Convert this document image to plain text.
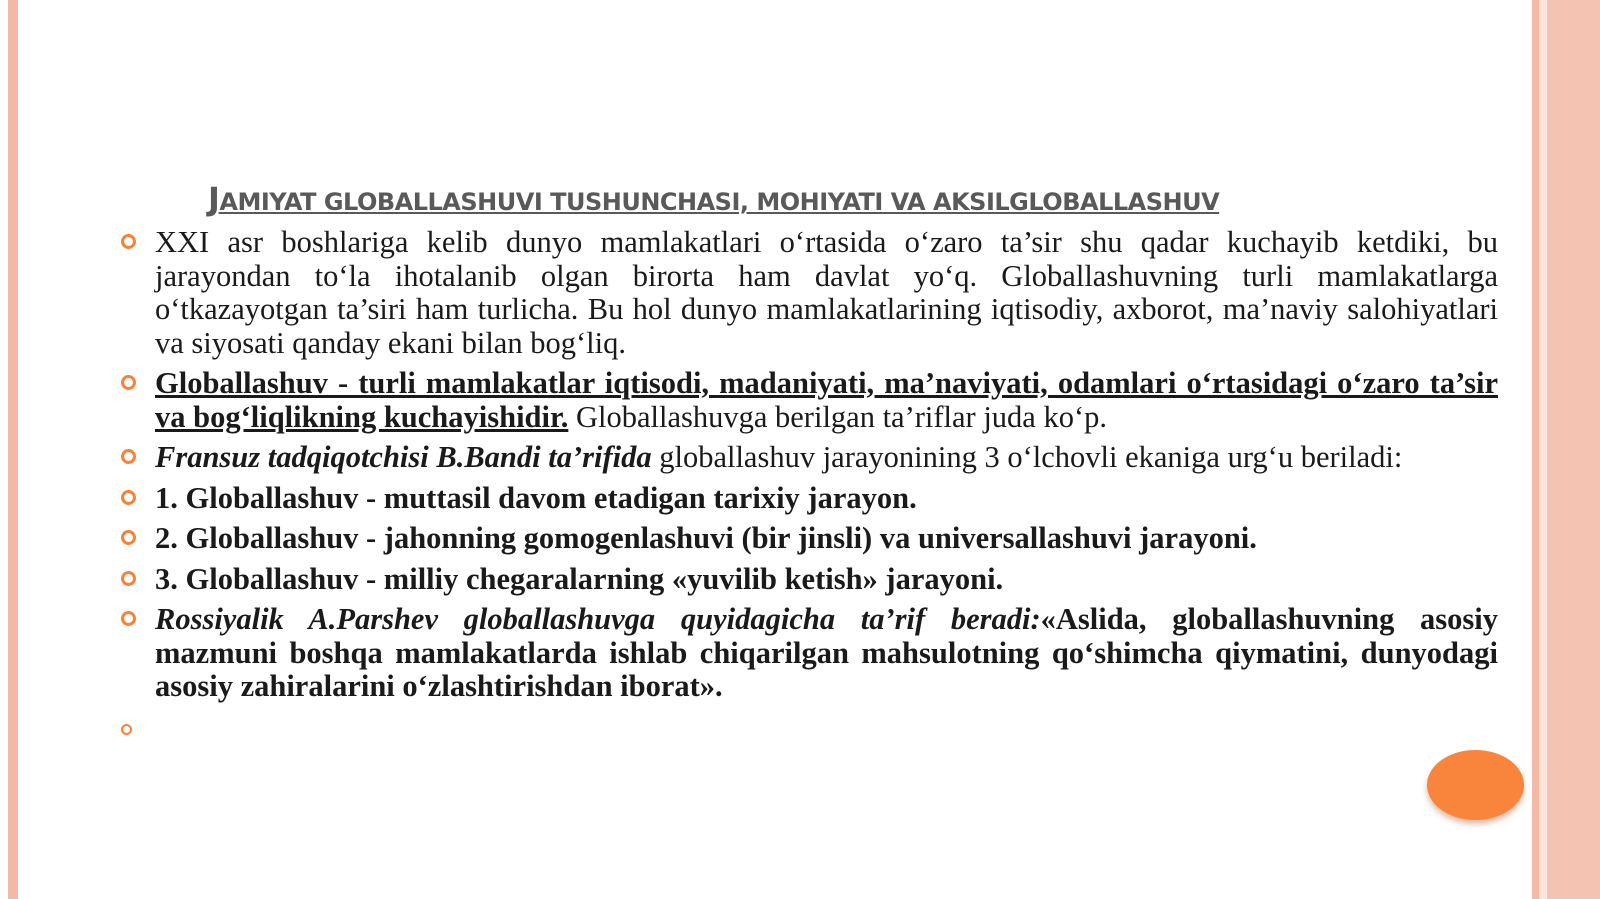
JAMIYAT GLOBALLASHUVI TUSHUNCHASI, MOHIYATI VA AKSILGLOBALLASHUV
XXI asr boshlariga kelib dunyo mamlakatlari o‘rtasida o‘zaro ta’sir shu qadar kuchayib ketdiki, bu jarayondan to‘la ihotalanib olgan birorta ham davlat yo‘q. Globallashuvning turli mamlakatlarga o‘tkazayotgan ta’siri ham turlicha. Bu hol dunyo mamlakatlarining iqtisodiy, axborot, ma’naviy salohiyatlari va siyosati qanday ekani bilan bog‘liq.
Globallashuv - turli mamlakatlar iqtisodi, madaniyati, ma’naviyati, odamlari o‘rtasidagi o‘zaro ta’sir va bog‘liqlikning kuchayishidir. Globallashuvga berilgan ta’riflar juda ko‘p.
Fransuz tadqiqotchisi B.Bandi ta’rifida globallashuv jarayonining 3 o‘lchovli ekaniga urg‘u beriladi:
1. Globallashuv - muttasil davom etadigan tarixiy jarayon.
2. Globallashuv - jahonning gomogenlashuvi (bir jinsli) va universallashuvi jarayoni.
3. Globallashuv - milliy chegaralarning «yuvilib ketish» jarayoni.
Rossiyalik A.Parshev globallashuvga quyidagicha ta’rif beradi:«Aslida, globallashuvning asosiy mazmuni boshqa mamlakatlarda ishlab chiqarilgan mahsulotning qo‘shimcha qiymatini, dunyodagi asosiy zahiralarini o‘zlashtirishdan iborat».
